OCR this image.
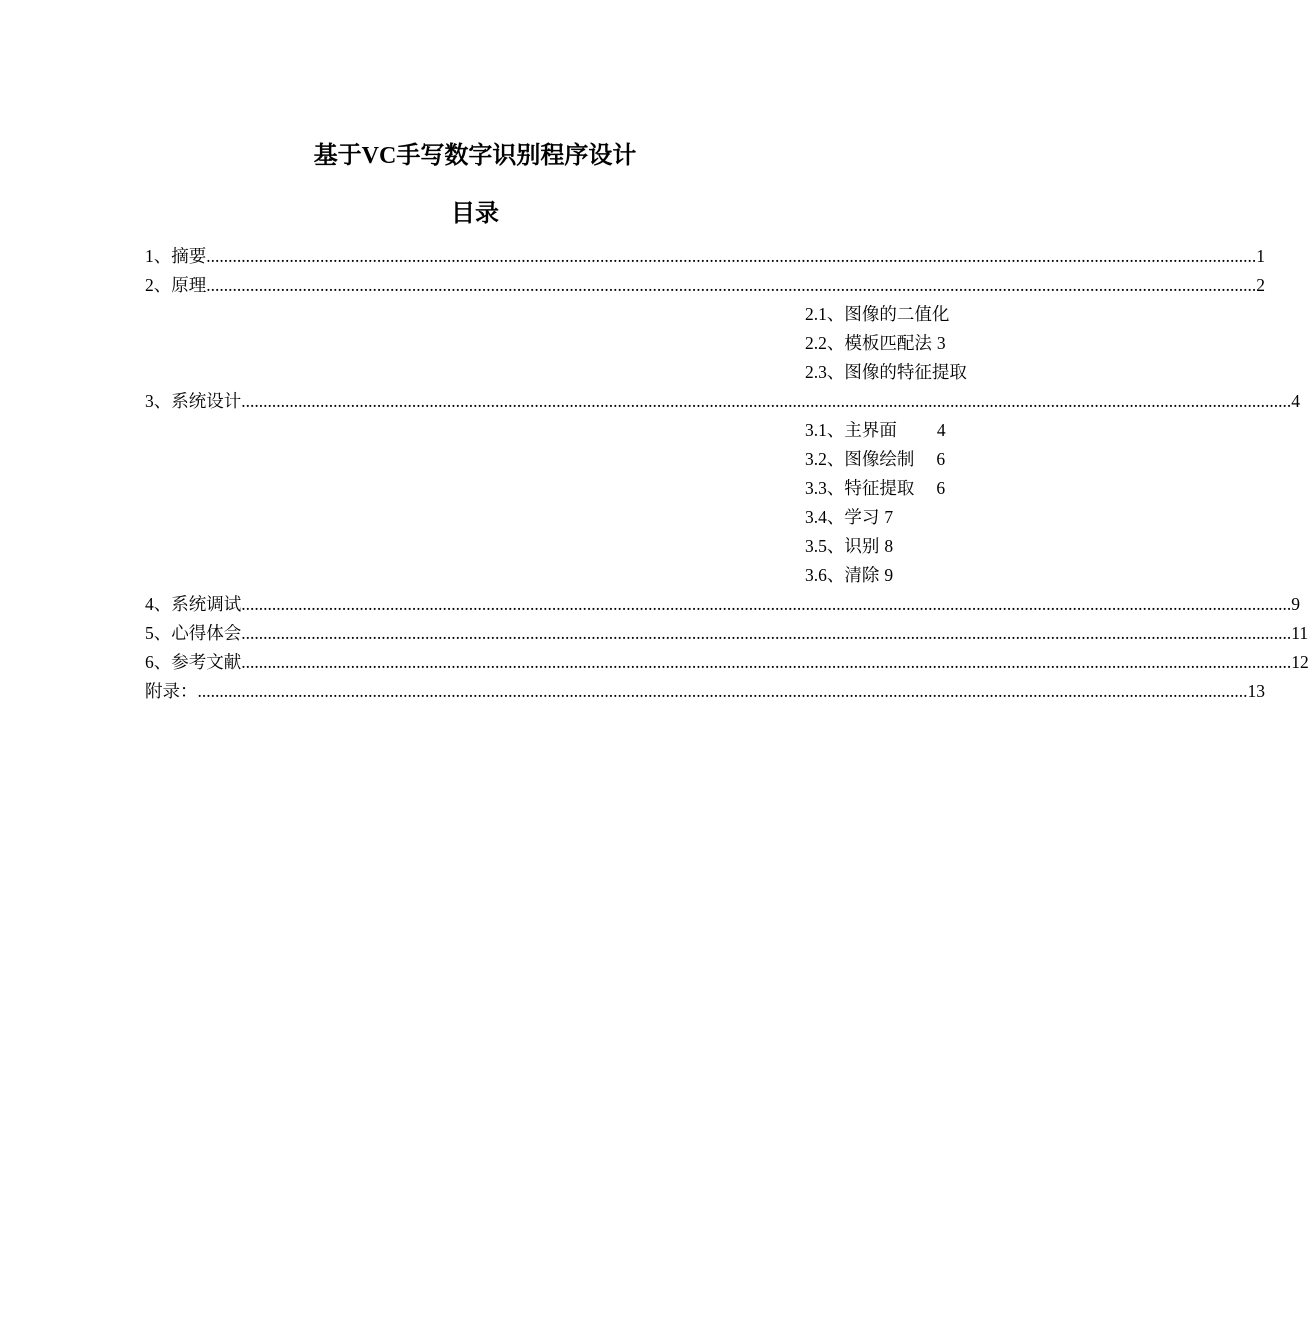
基于VC手写数字识别程序设计
目录
1、摘要 .....	1
2、原理 .....	2
2.1、图像的二值化
2.2、模板匹配法 3
2.3、图像的特征提取
3、系统设计 .....	4
3.1、主界面 4
3.2、图像绘制 6
3.3、特征提取 6
3.4、学习 7
3.5、识别 8
3.6、清除 9
4、系统调试 .....	9
5、心得体会 .....	11
6、参考文献 .....	12
附录： .....	13
